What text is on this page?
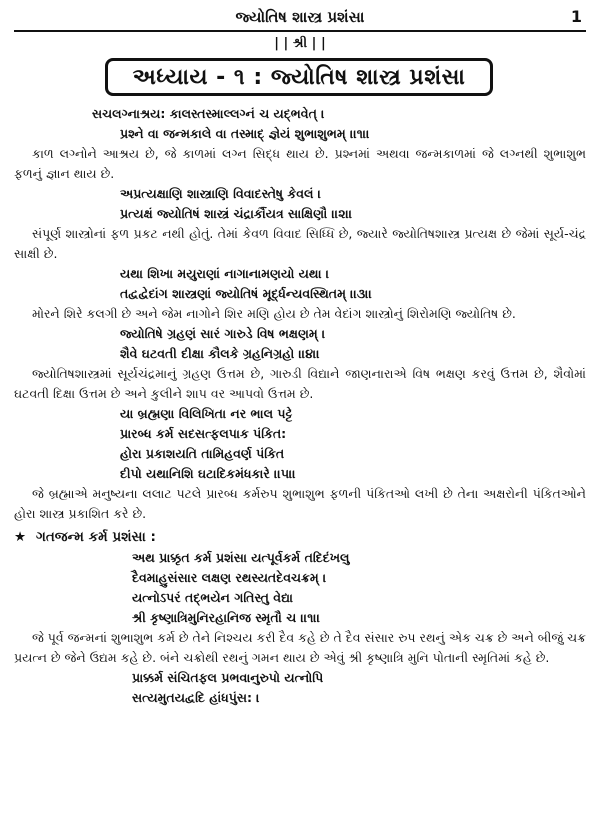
જ્યોતિષ શાસ્ત્ર પ્રશંસા	1
| | શ્રી | |
અધ્યાય - ૧ : જ્યોતિષ શાસ્ત્ર પ્રશંસા
સચલગ્નાશ્રય: કાલસ્તસ્માલ્લગ્નં ચ યદ્ભવેત્ ।
પ્રશ્ને વા જન્મકાલે વા તસ્માદ્ જ્ઞેયં શુભાશુભમ્ ।।૧।।
કાળ લગ્નોને આશ્રય છે, જે કાળમાં લગ્ન સિદ્ધ થાય છે. પ્રશ્નમાં અથવા જન્મકાળમાં જે લગ્નથી શુભાશુભ ફળનું જ્ઞાન થાય છે.
અપ્રત્યક્ષાણિ શાસ્ત્રાણિ વિવાદસ્તેષુ કેવલં ।
પ્રત્યક્ષં જ્યોતિષં શાસ્ત્રં ચંદ્રાર્કૌયત્ર સાક્ષિણૌ ।।૨।।
સંપૂર્ણ શાસ્ત્રોનાં ફળ પ્રકટ નથી હોતું. તેમાં કેવળ વિવાદ સિધ્ધિ છે, જ્યારે જ્યોતિષશાસ્ત્ર પ્રત્યક્ષ છે જેમાં સૂર્ય-ચંદ્ર સાક્ષી છે.
યથા શિખા મયુરાણાં નાગાનામણયો યથા ।
તદ્વદ્વેદાંગ શાસ્ત્રણાં જ્યોતિષં મૂર્દ્ધન્યવસ્થિતમ્ ।।૩।।
મોરને શિરે કલગી છે અને જેમ નાગોને શિર મણિ હોય છે તેમ વેદાંગ શાસ્ત્રોનું શિરોમણિ જ્યોતિષ છે.
જ્યોતિષે ગ્રહણં સારં ગારુડે વિષ ભક્ષણમ્ ।
શૈવે ઘટવતી દીક્ષા કૌલકે ગ્રહનિગ્રહો ।।૪।।
જ્યોતિષશાસ્ત્રમાં સૂર્યચંદ્રમાનું ગ્રહણ ઉત્તમ છે, ગારુડી વિદ્યાને જાણનારાએ વિષ ભક્ષણ કરવું ઉત્તમ છે, શૈવોમાં ઘટવતી દિક્ષા ઉત્તમ છે અને કુલીને શાપ વર આપવો ઉત્તમ છે.
યા બ્રહ્મણા વિલિખિતા નર ભાલ પટ્ટે
પ્રારબ્ધ કર્મ સદસત્ફલપાક પંકિત:
હોરા પ્રકાશયતિ તામિહવર્ણ પંકિત
દીપો યથાનિશિ ઘટાદિકમંધકારે ।।૫।।
જે બ્રહ્માએ મનુષ્યના લલાટ પટલે પ્રારબ્ધ કર્મરુપ શુભાશુભ ફળની પંકિતઓ લખી છે તેના અક્ષરોની પંકિતઓને હોરા શાસ્ત્ર પ્રકાશિત કરે છે.
★ ગતજન્મ કર્મ પ્રશંસા :
અથ પ્રાક્કૃત કર્મ પ્રશંસા યત્પૂર્વકર્મ તદિદંખલુ
દૈવમાહુસંસાર લક્ષણ રથસ્યતદેવચક્રમ્ ।
યત્નોઽપરં તદ્ભયેન ગતિસ્તુ વેદ્યા
શ્રી કૃષ્ણાત્રિમુનિરહાનિજ સ્મૃતૌ ચ ।।૧।।
જે પૂર્વ જન્મનાં શુભાશુભ કર્મ છે તેને નિશ્ચય કરી દૈવ કહે છે તે દૈવ સંસાર રુપ રથનું એક ચક્ર છે અને બીજું ચક્ર પ્રયત્ન છે જેને ઉદ્યમ કહે છે. બંને ચક્રોથી રથનું ગમન થાય છે એવું શ્રી કૃષ્ણાત્રિ મુનિ પોતાની સ્મૃતિમાં કહે છે.
પ્રાક્કર્મ સંચિતફલ પ્રભવાનુરુપો યત્નોપિ
સત્યમુતયદ્વદિ હાંધપુંસ: ।
